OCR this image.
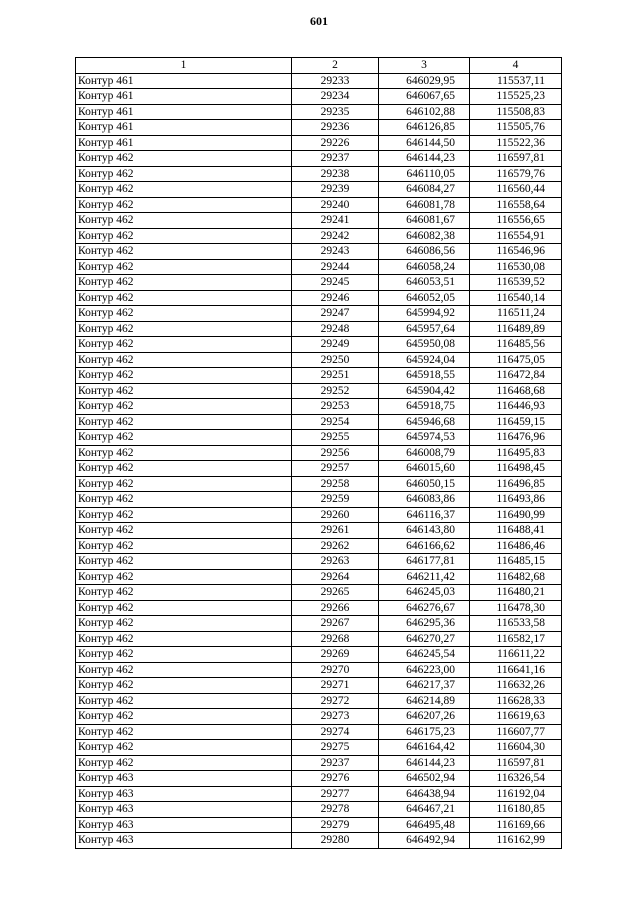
601
1	2	3	4
Контур 461	29233	646029,95	115537,11
Контур 461	29234	646067,65	115525,23
Контур 461	29235	646102,88	115508,83
Контур 461	29236	646126,85	115505,76
Контур 461	29226	646144,50	115522,36
Контур 462	29237	646144,23	116597,81
Контур 462	29238	646110,05	116579,76
Контур 462	29239	646084,27	116560,44
Контур 462	29240	646081,78	116558,64
Контур 462	29241	646081,67	116556,65
Контур 462	29242	646082,38	116554,91
Контур 462	29243	646086,56	116546,96
Контур 462	29244	646058,24	116530,08
Контур 462	29245	646053,51	116539,52
Контур 462	29246	646052,05	116540,14
Контур 462	29247	645994,92	116511,24
Контур 462	29248	645957,64	116489,89
Контур 462	29249	645950,08	116485,56
Контур 462	29250	645924,04	116475,05
Контур 462	29251	645918,55	116472,84
Контур 462	29252	645904,42	116468,68
Контур 462	29253	645918,75	116446,93
Контур 462	29254	645946,68	116459,15
Контур 462	29255	645974,53	116476,96
Контур 462	29256	646008,79	116495,83
Контур 462	29257	646015,60	116498,45
Контур 462	29258	646050,15	116496,85
Контур 462	29259	646083,86	116493,86
Контур 462	29260	646116,37	116490,99
Контур 462	29261	646143,80	116488,41
Контур 462	29262	646166,62	116486,46
Контур 462	29263	646177,81	116485,15
Контур 462	29264	646211,42	116482,68
Контур 462	29265	646245,03	116480,21
Контур 462	29266	646276,67	116478,30
Контур 462	29267	646295,36	116533,58
Контур 462	29268	646270,27	116582,17
Контур 462	29269	646245,54	116611,22
Контур 462	29270	646223,00	116641,16
Контур 462	29271	646217,37	116632,26
Контур 462	29272	646214,89	116628,33
Контур 462	29273	646207,26	116619,63
Контур 462	29274	646175,23	116607,77
Контур 462	29275	646164,42	116604,30
Контур 462	29237	646144,23	116597,81
Контур 463	29276	646502,94	116326,54
Контур 463	29277	646438,94	116192,04
Контур 463	29278	646467,21	116180,85
Контур 463	29279	646495,48	116169,66
Контур 463	29280	646492,94	116162,99
